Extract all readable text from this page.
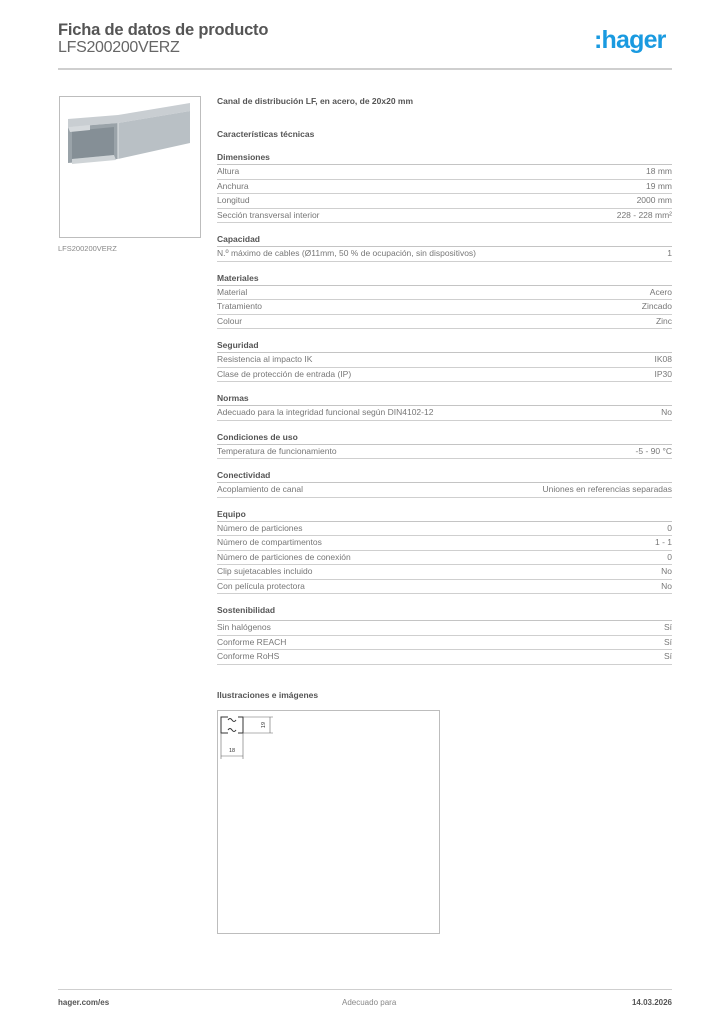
Ficha de datos de producto
LFS200200VERZ	:hager
LFS200200VERZ
Canal de distribución LF, en acero, de 20x20 mm
Características técnicas
Dimensiones
Altura	18 mm
Anchura	19 mm
Longitud	2000 mm
Sección transversal interior	228 - 228 mm²
Capacidad
N.º máximo de cables (Ø11mm, 50 % de ocupación, sin dispositivos)	1
Materiales
Material	Acero
Tratamiento	Zincado
Colour	Zinc
Seguridad
Resistencia al impacto IK	IK08
Clase de protección de entrada (IP)	IP30
Normas
Adecuado para la integridad funcional según DIN4102-12	No
Condiciones de uso
Temperatura de funcionamiento	-5 - 90 °C
Conectividad
Acoplamiento de canal	Uniones en referencias separadas
Equipo
Número de particiones	0
Número de compartimentos	1 - 1
Número de particiones de conexión	0
Clip sujetacables incluido	No
Con película protectora	No
Sostenibilidad
Sin halógenos	Sí
Conforme REACH	Sí
Conforme RoHS	Sí
Ilustraciones e imágenes
19
18
hager.com/es	Adecuado para	14.03.2026
